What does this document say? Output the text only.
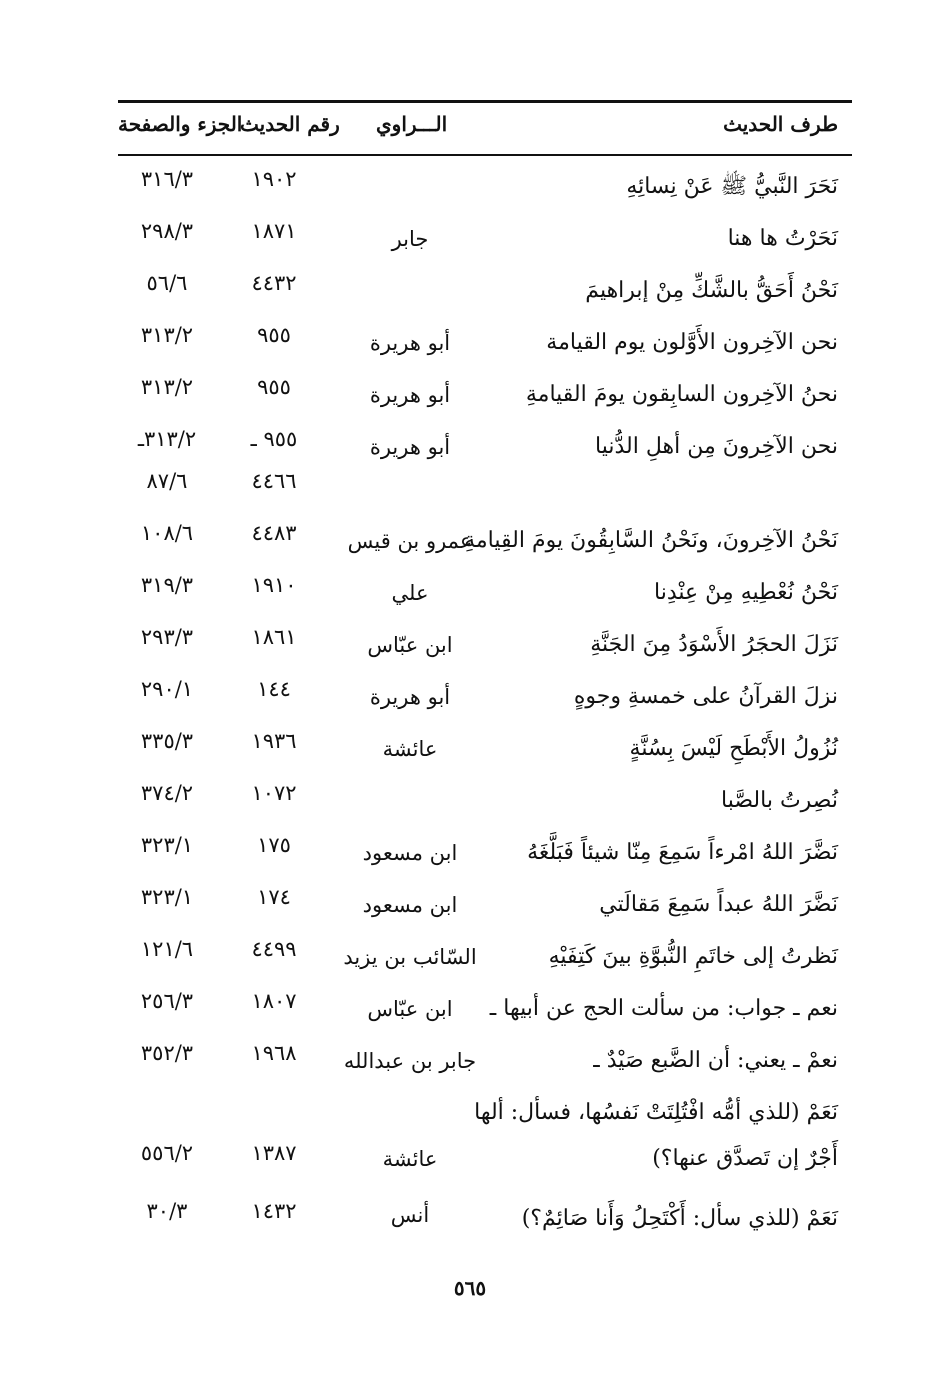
طرف الحديث
الـــراوي
رقم الحديث
الجزء والصفحة
نَحَرَ النَّبيُّ ﷺ عَنْ نِسائِهِ
١٩٠٢
٣١٦/٣
نَحَرْتُ ها هنا
جابر
١٨٧١
٢٩٨/٣
نَحْنُ أَحَقُّ بالشَّكِّ مِنْ إبراهيمَ
٤٤٣٢
٥٦/٦
نحن الآخِرون الأَوَّلون يوم القيامة
أبو هريرة
٩٥٥
٣١٣/٢
نحنُ الآخِرون السابِقون يومَ القيامةِ
أبو هريرة
٩٥٥
٣١٣/٢
نحن الآخِرونَ مِن أهلِ الدُّنيا
أبو هريرة
٩٥٥ ـ
٣١٣/٢ـ
٤٤٦٦
٨٧/٦
نَحْنُ الآخِرونَ، ونَحْنُ السَّابِقُونَ يومَ القِيامةِ
عمرو بن قيس
٤٤٨٣
١٠٨/٦
نَحْنُ نُعْطِيهِ مِنْ عِنْدِنا
علي
١٩١٠
٣١٩/٣
نَزَلَ الحجَرُ الأَسْوَدُ مِنَ الجَنَّةِ
ابن عبّاس
١٨٦١
٢٩٣/٣
نزلَ القرآنُ على خمسةِ وجوهٍ
أبو هريرة
١٤٤
٢٩٠/١
نُزُولُ الأَبْطَحِ لَيْسَ بِسُنَّةٍ
عائشة
١٩٣٦
٣٣٥/٣
نُصِرتُ بالصَّبا
١٠٧٢
٣٧٤/٢
نَضَّرَ اللهُ امْرءاً سَمِعَ مِنّا شيئاً فَبَلَّغَهُ
ابن مسعود
١٧٥
٣٢٣/١
نَضَّرَ اللهُ عبداً سَمِعَ مَقالَتي
ابن مسعود
١٧٤
٣٢٣/١
نَظرتُ إلى خاتَمِ النُّبوَّةِ بينَ كَتِفَيْهِ
السّائب بن يزيد
٤٤٩٩
١٢١/٦
نعم ـ جواب: من سألت الحج عن أبيها ـ
ابن عبّاس
١٨٠٧
٢٥٦/٣
نعمْ ـ يعني: أن الضَّبع صَيْدٌ ـ
جابر بن عبدالله
١٩٦٨
٣٥٢/٣
نَعَمْ (للذي أمُّه افْتُلِتَتْ نَفسُها، فسأل: ألها
أَجْرٌ إن تَصدَّق عنها؟)
عائشة
١٣٨٧
٥٥٦/٢
نَعَمْ (للذي سأل: أَكْتَحِلُ وَأَنا صَائِمٌ؟)
أنس
١٤٣٢
٣٠/٣
٥٦٥
